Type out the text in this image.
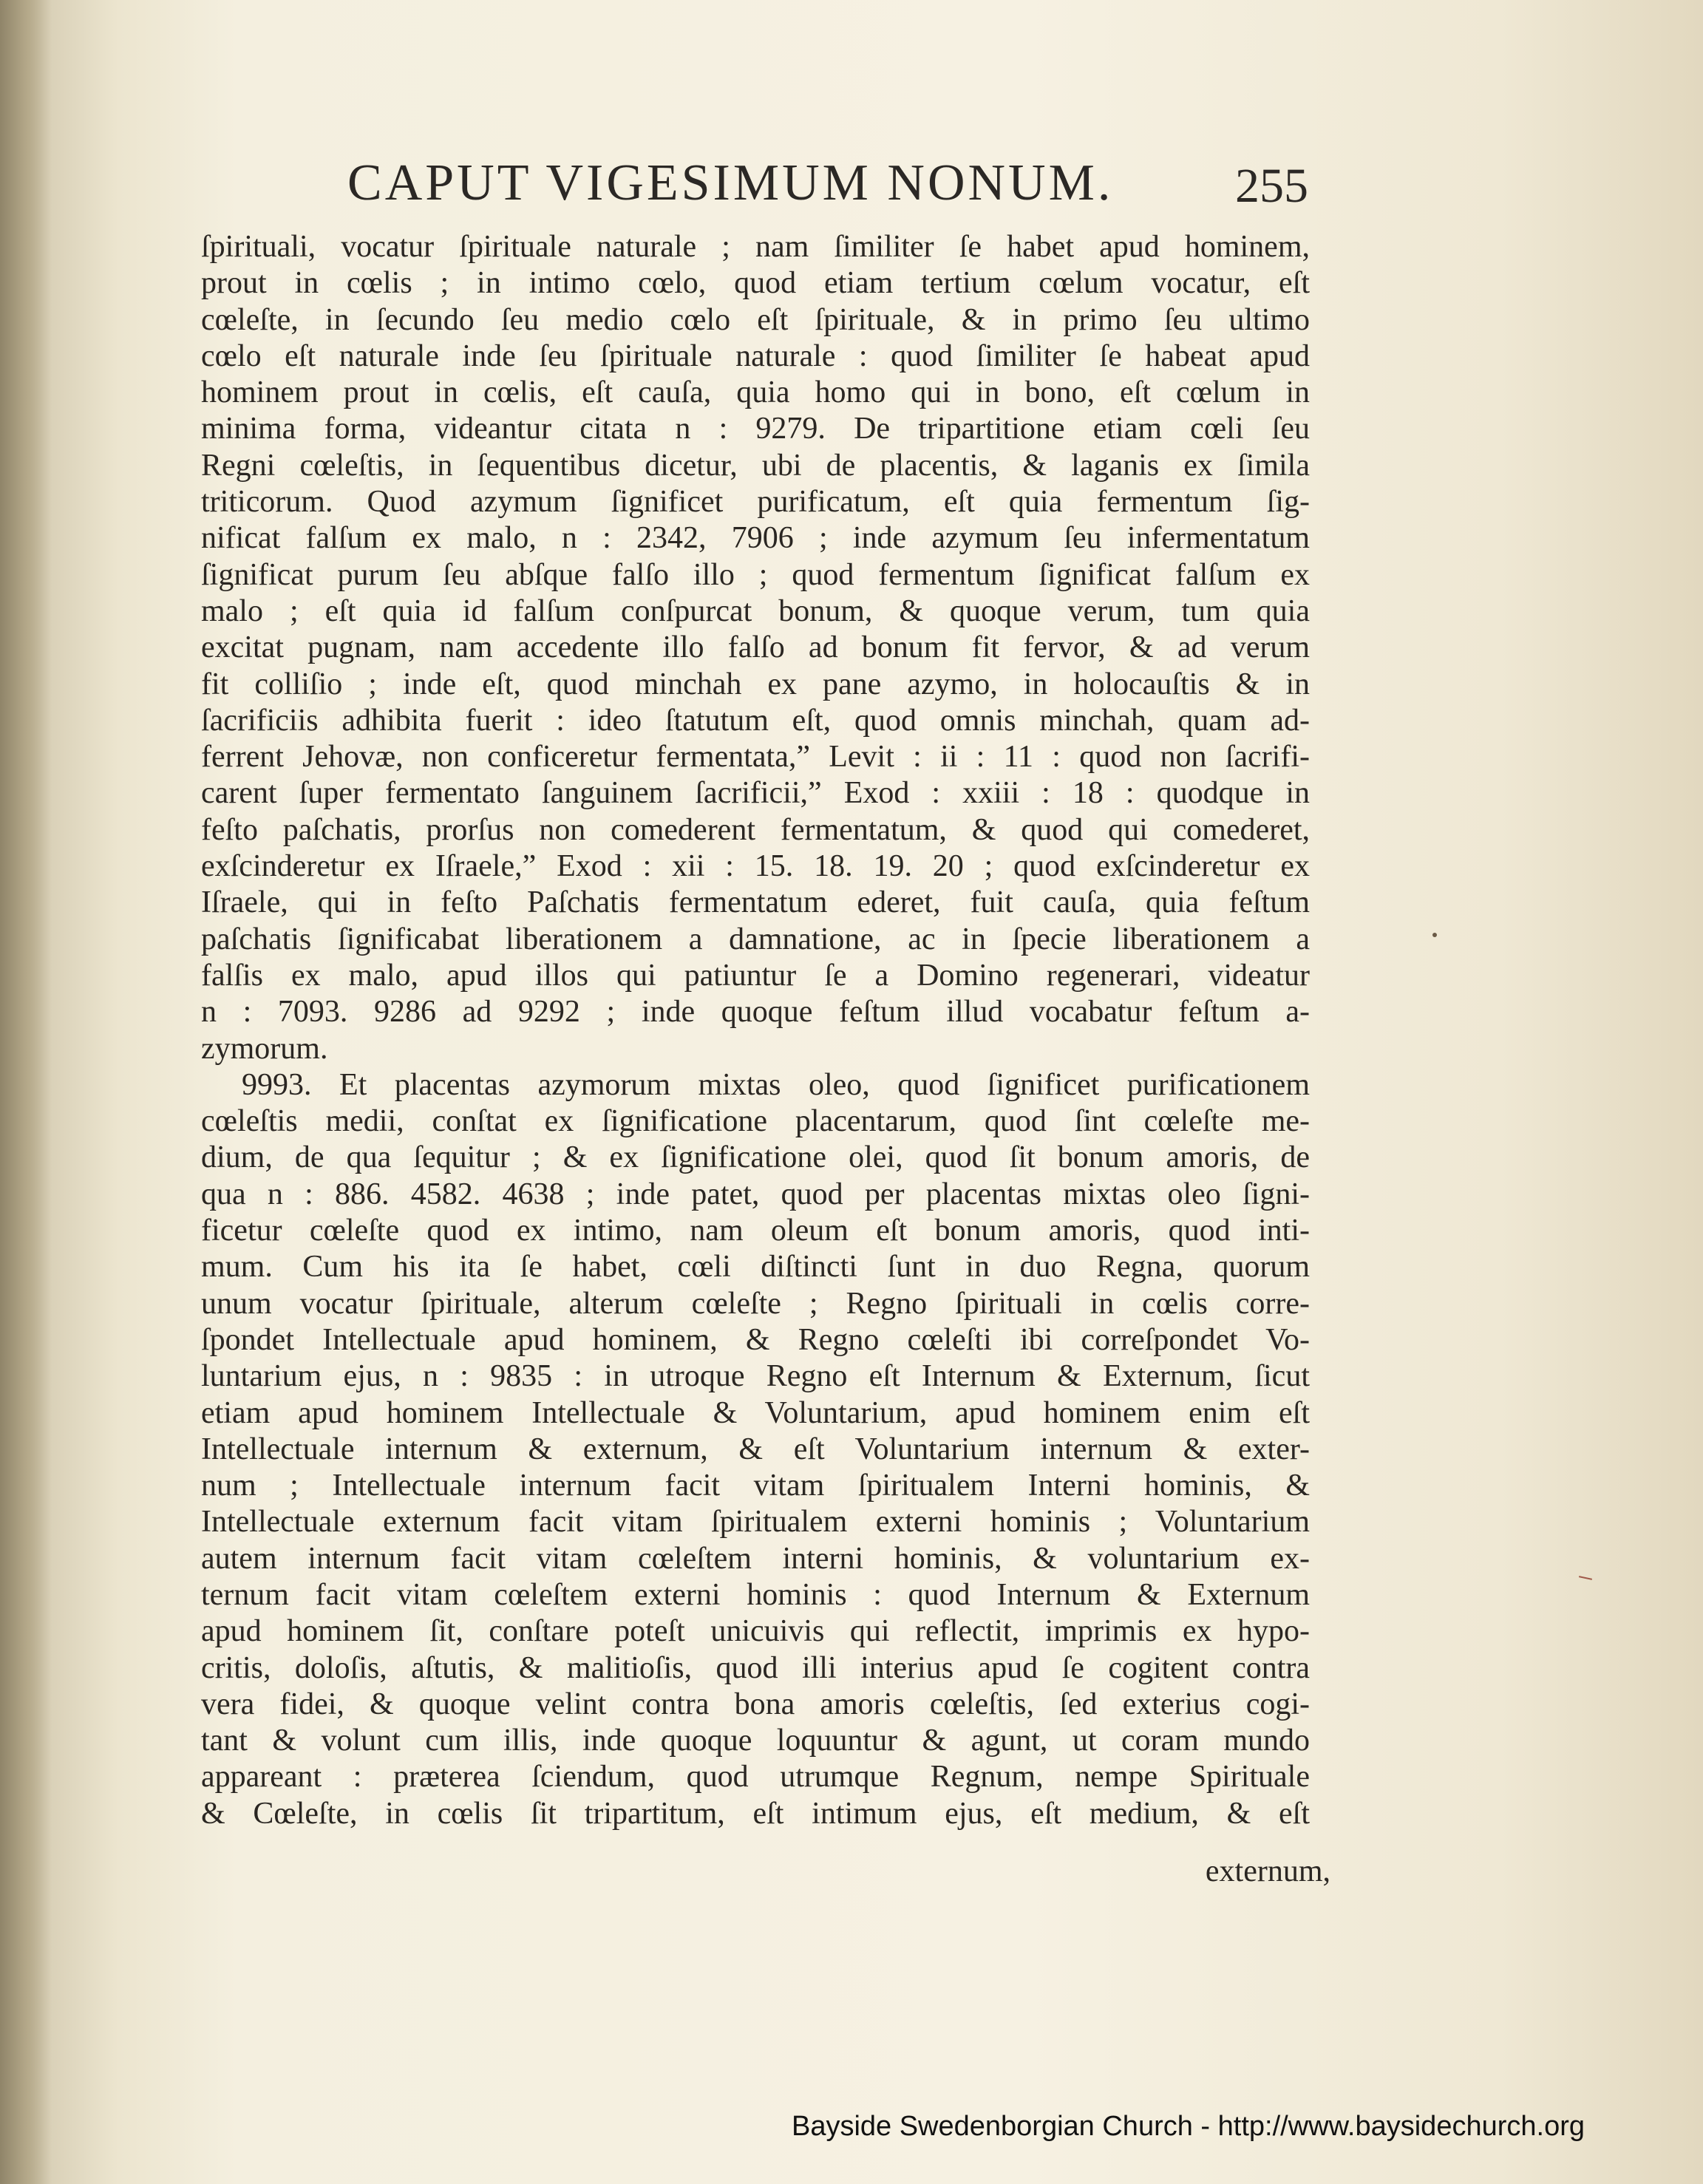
CAPUT VIGESIMUM NONUM. 255
ſpirituali, vocatur ſpirituale naturale ; nam ſimiliter ſe habet apud hominem,
prout in cœlis ; in intimo cœlo, quod etiam tertium cœlum vocatur, eſt
cœleſte, in ſecundo ſeu medio cœlo eſt ſpirituale, & in primo ſeu ultimo
cœlo eſt naturale inde ſeu ſpirituale naturale : quod ſimiliter ſe habeat apud
hominem prout in cœlis, eſt cauſa, quia homo qui in bono, eſt cœlum in
minima forma, videantur citata n : 9279. De tripartitione etiam cœli ſeu
Regni cœleſtis, in ſequentibus dicetur, ubi de placentis, & laganis ex ſimila
triticorum. Quod azymum ſignificet purificatum, eſt quia fermentum ſig-
nificat falſum ex malo, n : 2342, 7906 ; inde azymum ſeu infermentatum
ſignificat purum ſeu abſque falſo illo ; quod fermentum ſignificat falſum ex
malo ; eſt quia id falſum conſpurcat bonum, & quoque verum, tum quia
excitat pugnam, nam accedente illo falſo ad bonum fit fervor, & ad verum
fit colliſio ; inde eſt, quod minchah ex pane azymo, in holocauſtis & in
ſacrificiis adhibita fuerit : ideo ſtatutum eſt, quod omnis minchah, quam ad-
ferrent Jehovæ, non conficeretur fermentata,” Levit : ii : 11 : quod non ſacrifi-
carent ſuper fermentato ſanguinem ſacrificii,” Exod : xxiii : 18 : quodque in
feſto paſchatis, prorſus non comederent fermentatum, & quod qui comederet,
exſcinderetur ex Iſraele,” Exod : xii : 15. 18. 19. 20 ; quod exſcinderetur ex
Iſraele, qui in feſto Paſchatis fermentatum ederet, fuit cauſa, quia feſtum
paſchatis ſignificabat liberationem a damnatione, ac in ſpecie liberationem a
falſis ex malo, apud illos qui patiuntur ſe a Domino regenerari, videatur
n : 7093. 9286 ad 9292 ; inde quoque feſtum illud vocabatur feſtum a-
zymorum.
9993. Et placentas azymorum mixtas oleo, quod ſignificet purificationem
cœleſtis medii, conſtat ex ſignificatione placentarum, quod ſint cœleſte me-
dium, de qua ſequitur ; & ex ſignificatione olei, quod ſit bonum amoris, de
qua n : 886. 4582. 4638 ; inde patet, quod per placentas mixtas oleo ſigni-
ficetur cœleſte quod ex intimo, nam oleum eſt bonum amoris, quod inti-
mum. Cum his ita ſe habet, cœli diſtincti ſunt in duo Regna, quorum
unum vocatur ſpirituale, alterum cœleſte ; Regno ſpirituali in cœlis corre-
ſpondet Intellectuale apud hominem, & Regno cœleſti ibi correſpondet Vo-
luntarium ejus, n : 9835 : in utroque Regno eſt Internum & Externum, ſicut
etiam apud hominem Intellectuale & Voluntarium, apud hominem enim eſt
Intellectuale internum & externum, & eſt Voluntarium internum & exter-
num ; Intellectuale internum facit vitam ſpiritualem Interni hominis, &
Intellectuale externum facit vitam ſpiritualem externi hominis ; Voluntarium
autem internum facit vitam cœleſtem interni hominis, & voluntarium ex-
ternum facit vitam cœleſtem externi hominis : quod Internum & Externum
apud hominem ſit, conſtare poteſt unicuivis qui reflectit, imprimis ex hypo-
critis, doloſis, aſtutis, & malitioſis, quod illi interius apud ſe cogitent contra
vera fidei, & quoque velint contra bona amoris cœleſtis, ſed exterius cogi-
tant & volunt cum illis, inde quoque loquuntur & agunt, ut coram mundo
appareant : præterea ſciendum, quod utrumque Regnum, nempe Spirituale
& Cœleſte, in cœlis ſit tripartitum, eſt intimum ejus, eſt medium, & eſt
externum,
Bayside Swedenborgian Church - http://www.baysidechurch.org
